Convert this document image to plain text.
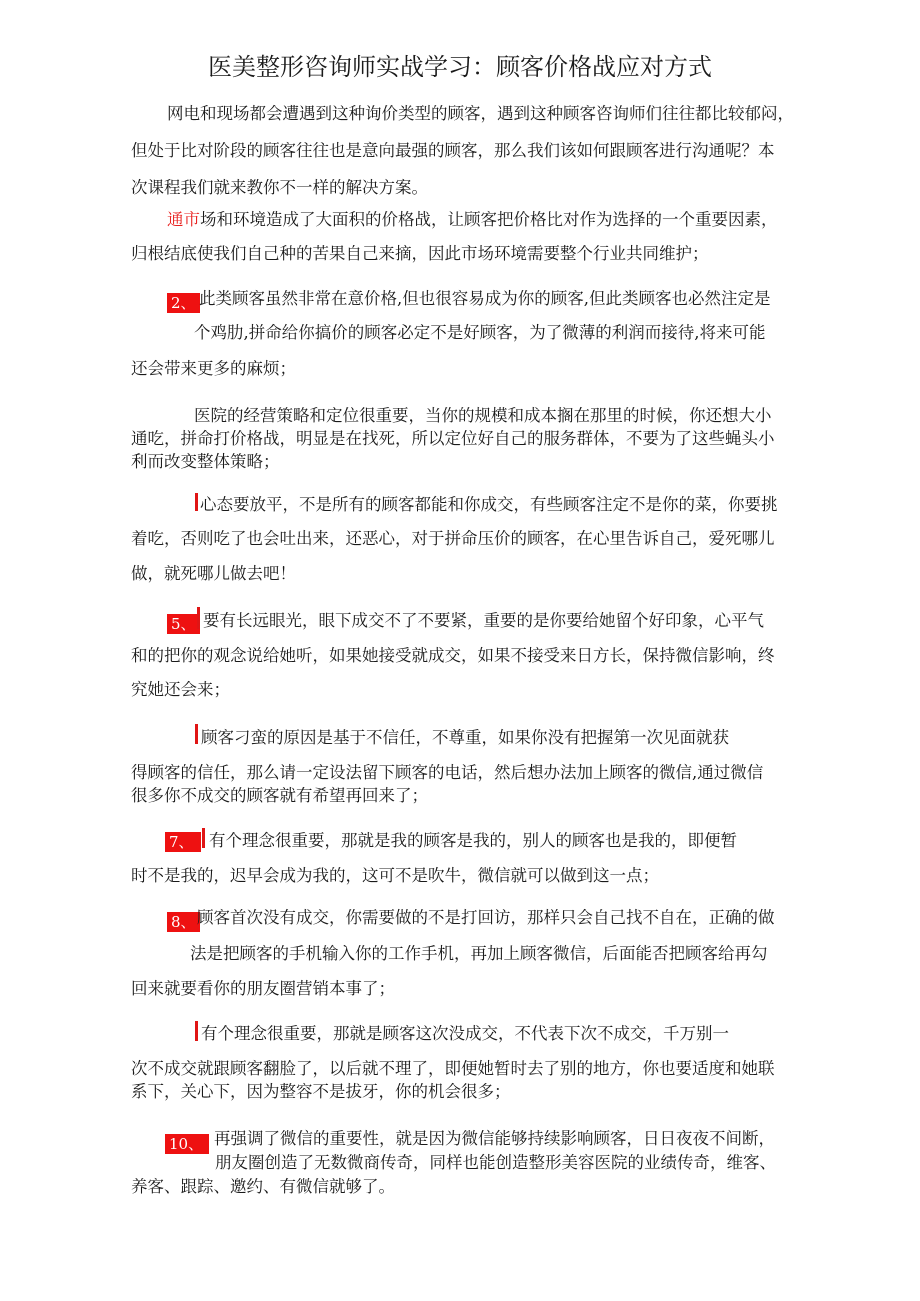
医美整形咨询师实战学习：顾客价格战应对方式
网电和现场都会遭遇到这种询价类型的顾客，遇到这种顾客咨询师们往往都比较郁闷，
但处于比对阶段的顾客往往也是意向最强的顾客，那么我们该如何跟顾客进行沟通呢？本
次课程我们就来教你不一样的解决方案。
通市场和环境造成了大面积的价格战，让顾客把价格比对作为选择的一个重要因素，
归根结底使我们自己种的苦果自己来摘，因此市场环境需要整个行业共同维护；
2、 此类顾客虽然非常在意价格,但也很容易成为你的顾客,但此类顾客也必然注定是
个鸡肋,拼命给你搞价的顾客必定不是好顾客，为了微薄的利润而接待,将来可能
还会带来更多的麻烦；
医院的经营策略和定位很重要，当你的规模和成本搁在那里的时候，你还想大小
通吃，拼命打价格战，明显是在找死，所以定位好自己的服务群体，不要为了这些蝇头小
利而改变整体策略；
心态要放平，不是所有的顾客都能和你成交，有些顾客注定不是你的菜，你要挑
着吃，否则吃了也会吐出来，还恶心，对于拼命压价的顾客，在心里告诉自己，爱死哪儿
做，就死哪儿做去吧！
5、 要有长远眼光，眼下成交不了不要紧，重要的是你要给她留个好印象，心平气
和的把你的观念说给她听，如果她接受就成交，如果不接受来日方长，保持微信影响，终
究她还会来；
顾客刁蛮的原因是基于不信任，不尊重，如果你没有把握第一次见面就获
得顾客的信任，那么请一定设法留下顾客的电话，然后想办法加上顾客的微信,通过微信
很多你不成交的顾客就有希望再回来了；
7、 有个理念很重要，那就是我的顾客是我的，别人的顾客也是我的，即便暂
时不是我的，迟早会成为我的，这可不是吹牛，微信就可以做到这一点；
8、 顾客首次没有成交，你需要做的不是打回访，那样只会自己找不自在，正确的做
法是把顾客的手机输入你的工作手机，再加上顾客微信，后面能否把顾客给再勾
回来就要看你的朋友圈营销本事了；
有个理念很重要，那就是顾客这次没成交，不代表下次不成交，千万别一
次不成交就跟顾客翻脸了，以后就不理了，即便她暂时去了别的地方，你也要适度和她联
系下，关心下，因为整容不是拔牙，你的机会很多；
10、 再强调了微信的重要性，就是因为微信能够持续影响顾客，日日夜夜不间断，
朋友圈创造了无数微商传奇，同样也能创造整形美容医院的业绩传奇，维客、
养客、跟踪、邀约、有微信就够了。
